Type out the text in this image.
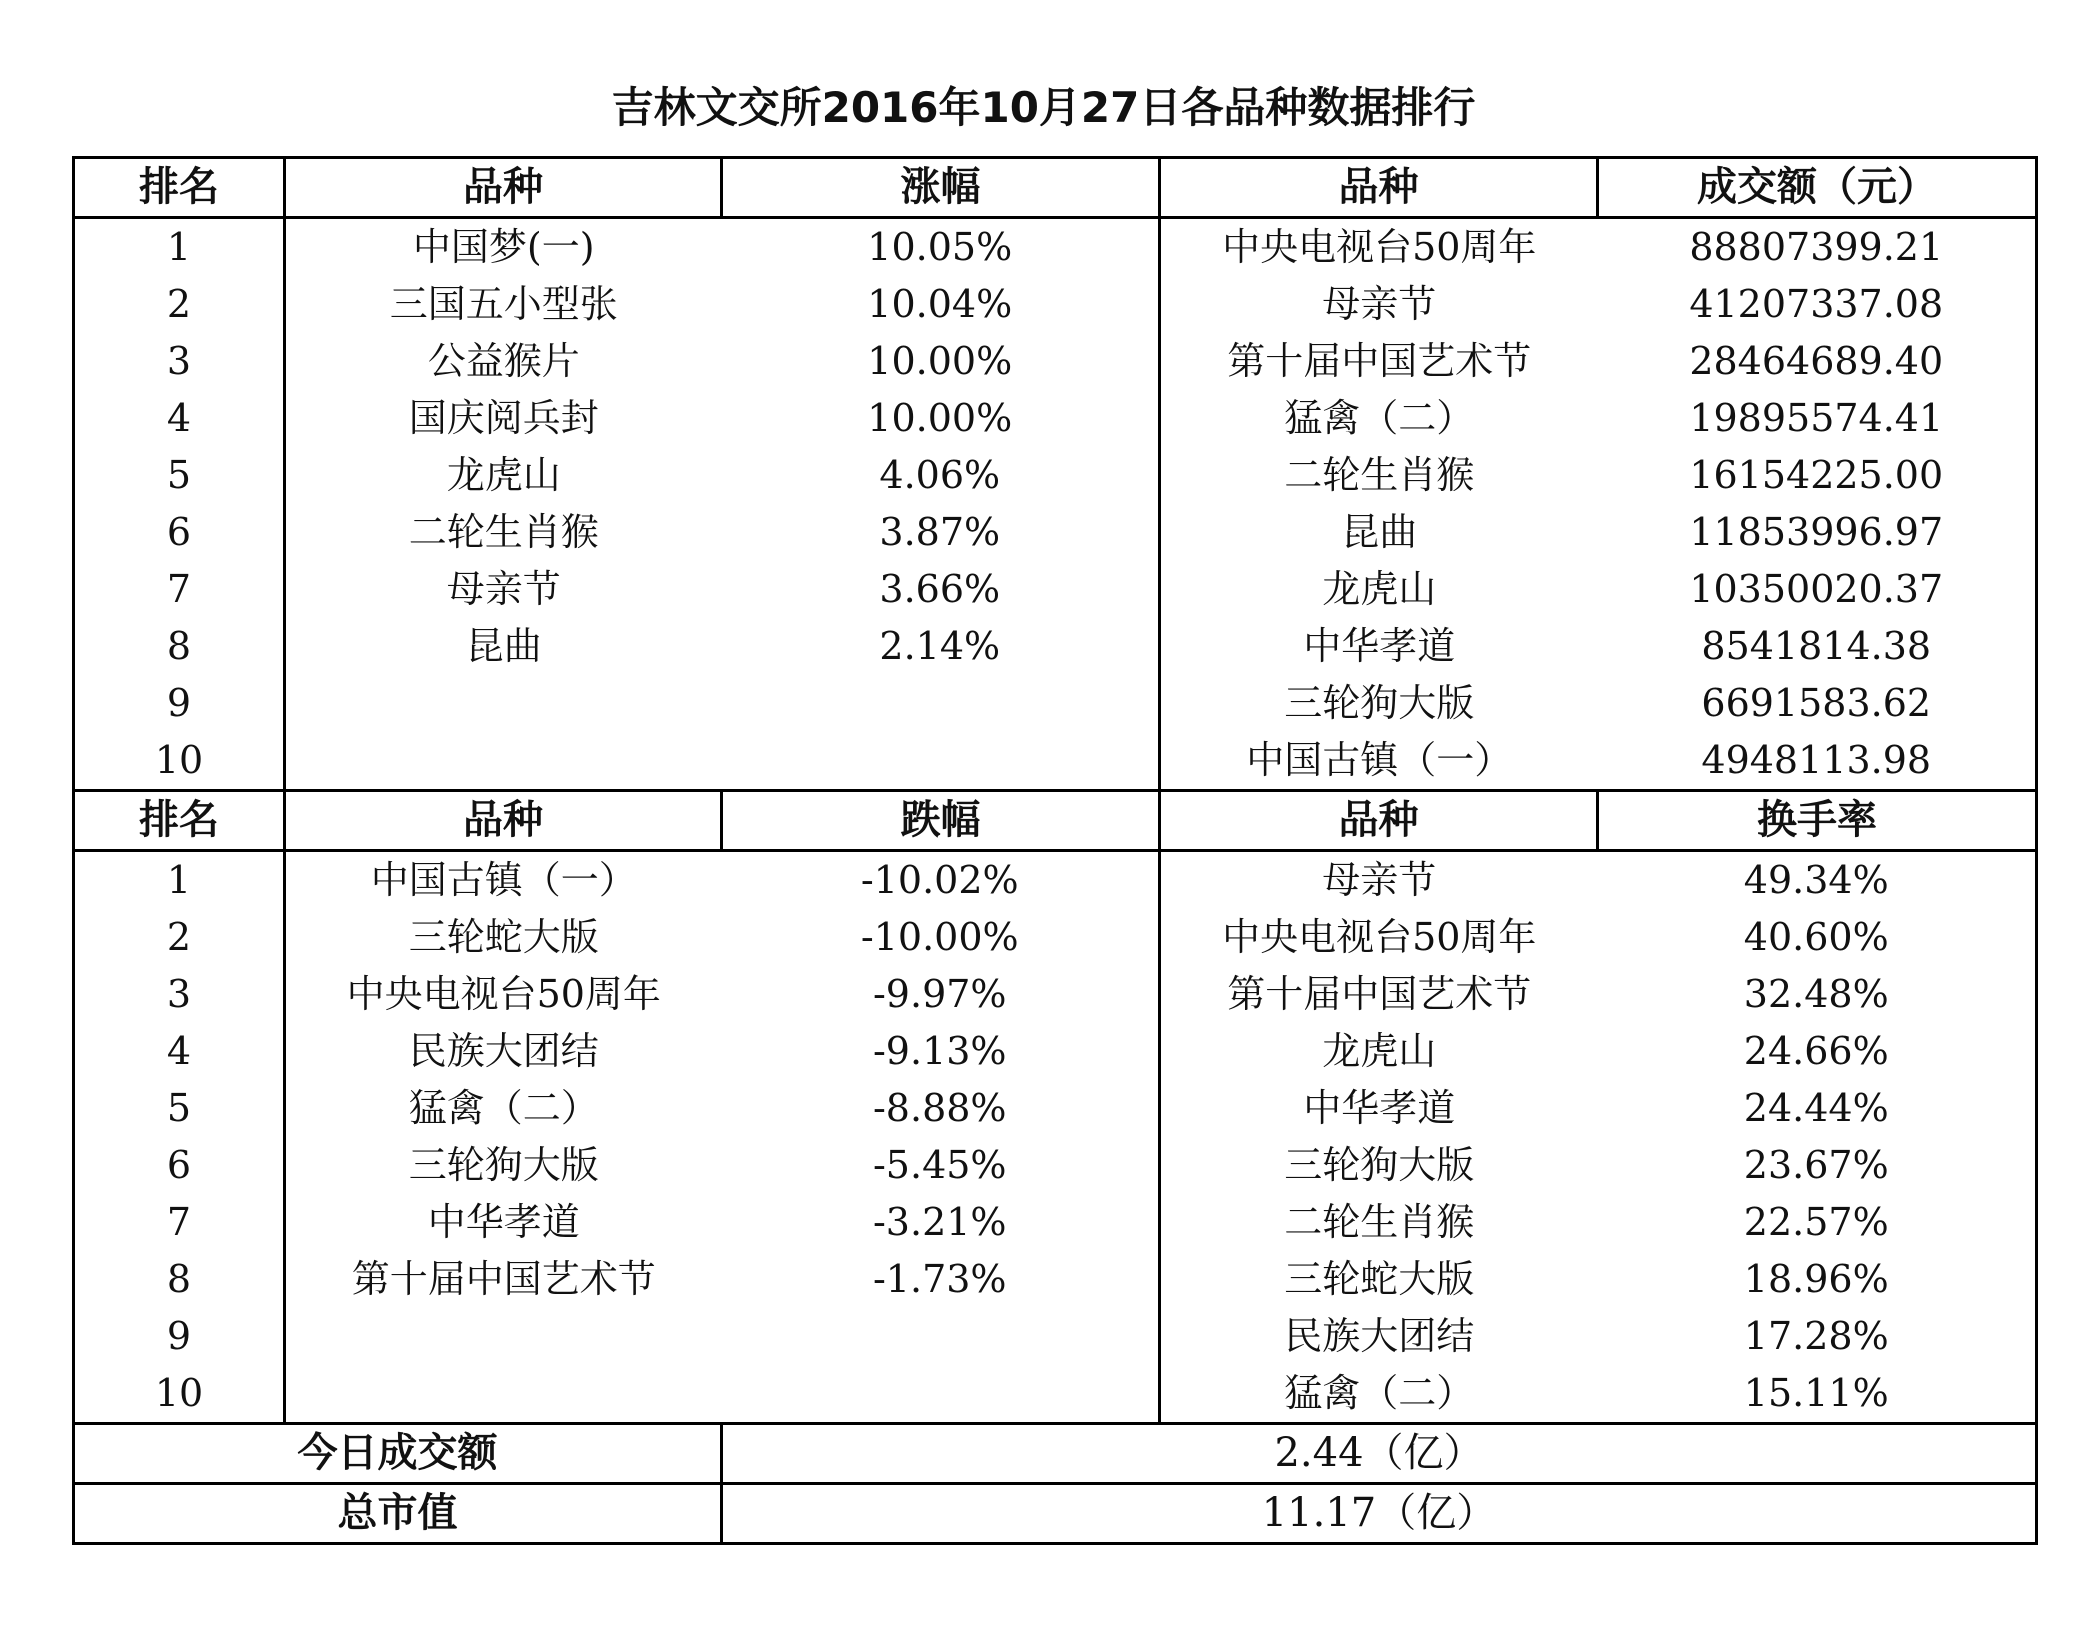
吉林文交所2016年10月27日各品种数据排行
排名	品种	涨幅	品种	成交额（元）
1	中国梦(一)	10.05%	中央电视台50周年	88807399.21
2	三国五小型张	10.04%	母亲节	41207337.08
3	公益猴片	10.00%	第十届中国艺术节	28464689.40
4	国庆阅兵封	10.00%	猛禽（二）	19895574.41
5	龙虎山	4.06%	二轮生肖猴	16154225.00
6	二轮生肖猴	3.87%	昆曲	11853996.97
7	母亲节	3.66%	龙虎山	10350020.37
8	昆曲	2.14%	中华孝道	8541814.38
9			三轮狗大版	6691583.62
10			中国古镇（一）	4948113.98
排名	品种	跌幅	品种	换手率
1	中国古镇（一）	-10.02%	母亲节	49.34%
2	三轮蛇大版	-10.00%	中央电视台50周年	40.60%
3	中央电视台50周年	-9.97%	第十届中国艺术节	32.48%
4	民族大团结	-9.13%	龙虎山	24.66%
5	猛禽（二）	-8.88%	中华孝道	24.44%
6	三轮狗大版	-5.45%	三轮狗大版	23.67%
7	中华孝道	-3.21%	二轮生肖猴	22.57%
8	第十届中国艺术节	-1.73%	三轮蛇大版	18.96%
9			民族大团结	17.28%
10			猛禽（二）	15.11%
今日成交额		2.44（亿）		
总市值		11.17（亿）		
